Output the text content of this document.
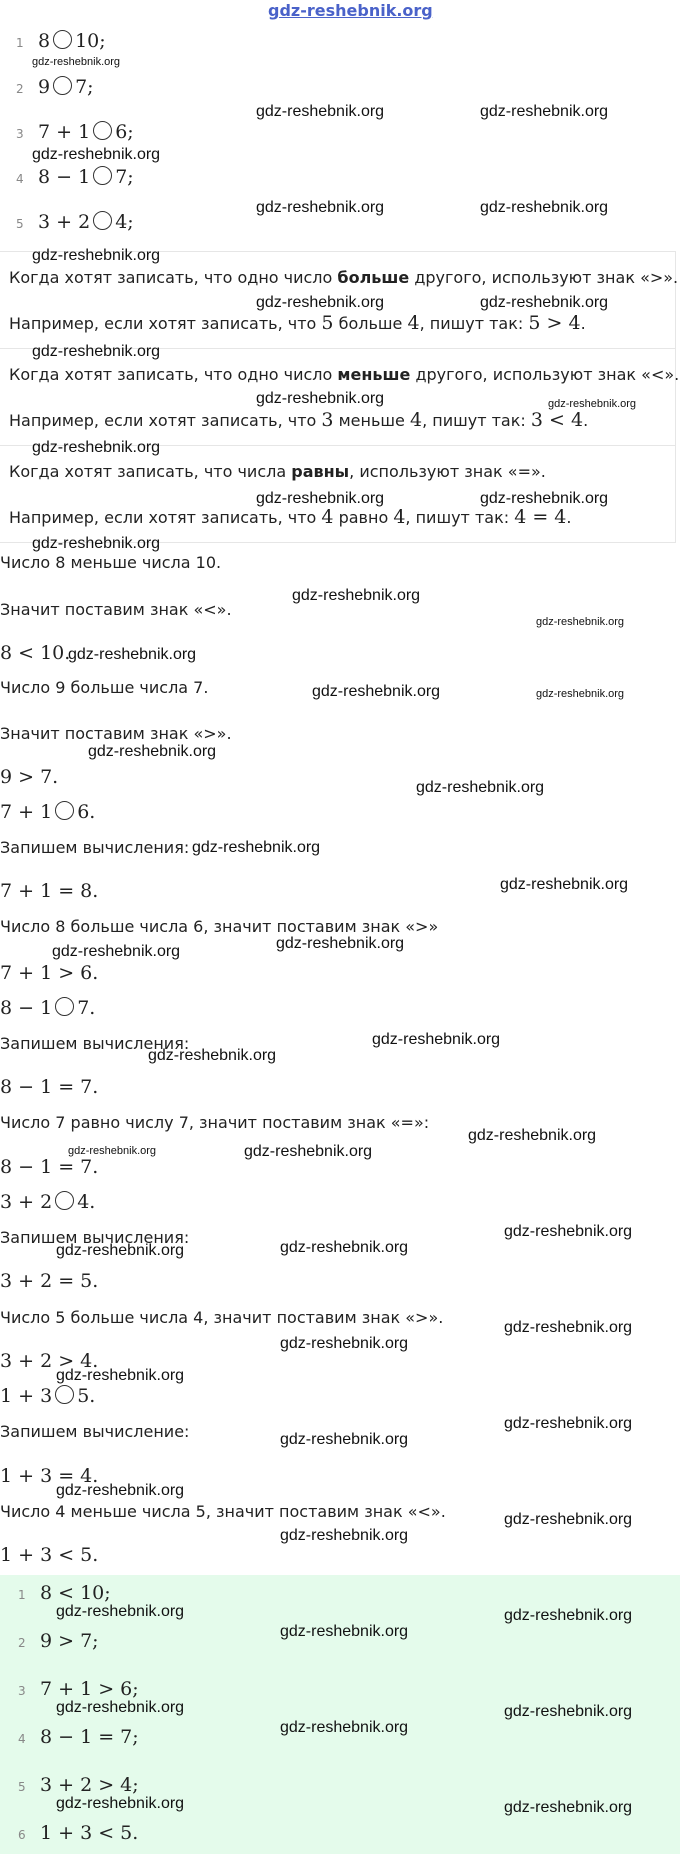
gdz-reshebnik.org
1 8 10;
2 9 7;
3 7 + 1 6;
4 8 − 1 7;
5 3 + 2 4;
Когда хотят записать, что одно число больше другого, используют знак «>».
Например, если хотят записать, что 5 больше 4, пишут так: 5 > 4.
Когда хотят записать, что одно число меньше другого, используют знак «<».
Например, если хотят записать, что 3 меньше 4, пишут так: 3 < 4.
Когда хотят записать, что числа равны, используют знак «=».
Например, если хотят записать, что 4 равно 4, пишут так: 4 = 4.
Число 8 меньше числа 10.
Значит поставим знак «<».
8 < 10.
Число 9 больше числа 7.
Значит поставим знак «>».
9 > 7.
7 + 1 6.
Запишем вычисления:
7 + 1 = 8.
Число 8 больше числа 6, значит поставим знак «>»
7 + 1 > 6.
8 − 1 7.
Запишем вычисления:
8 − 1 = 7.
Число 7 равно числу 7, значит поставим знак «=»:
8 − 1 = 7.
3 + 2 4.
Запишем вычисления:
3 + 2 = 5.
Число 5 больше числа 4, значит поставим знак «>».
3 + 2 > 4.
1 + 3 5.
Запишем вычисление:
1 + 3 = 4.
Число 4 меньше числа 5, значит поставим знак «<».
1 + 3 < 5.
1 8 < 10;
2 9 > 7;
3 7 + 1 > 6;
4 8 − 1 = 7;
5 3 + 2 > 4;
6 1 + 3 < 5.
gdz-reshebnik.org
gdz-reshebnik.org	gdz-reshebnik.org
gdz-reshebnik.org
gdz-reshebnik.org	gdz-reshebnik.org
gdz-reshebnik.org
gdz-reshebnik.org	gdz-reshebnik.org
gdz-reshebnik.org
gdz-reshebnik.org	gdz-reshebnik.org
gdz-reshebnik.org
gdz-reshebnik.org	gdz-reshebnik.org
gdz-reshebnik.org
gdz-reshebnik.org
gdz-reshebnik.org
gdz-reshebnik.org
gdz-reshebnik.org	gdz-reshebnik.org
gdz-reshebnik.org
gdz-reshebnik.org
gdz-reshebnik.org
gdz-reshebnik.org
gdz-reshebnik.org	gdz-reshebnik.org
gdz-reshebnik.org
gdz-reshebnik.org
gdz-reshebnik.org
gdz-reshebnik.org	gdz-reshebnik.org
gdz-reshebnik.org
gdz-reshebnik.org	gdz-reshebnik.org
gdz-reshebnik.org
gdz-reshebnik.org
gdz-reshebnik.org
gdz-reshebnik.org
gdz-reshebnik.org
gdz-reshebnik.org
gdz-reshebnik.org
gdz-reshebnik.org
gdz-reshebnik.org	gdz-reshebnik.org
gdz-reshebnik.org
gdz-reshebnik.org	gdz-reshebnik.org
gdz-reshebnik.org
gdz-reshebnik.org	gdz-reshebnik.org
